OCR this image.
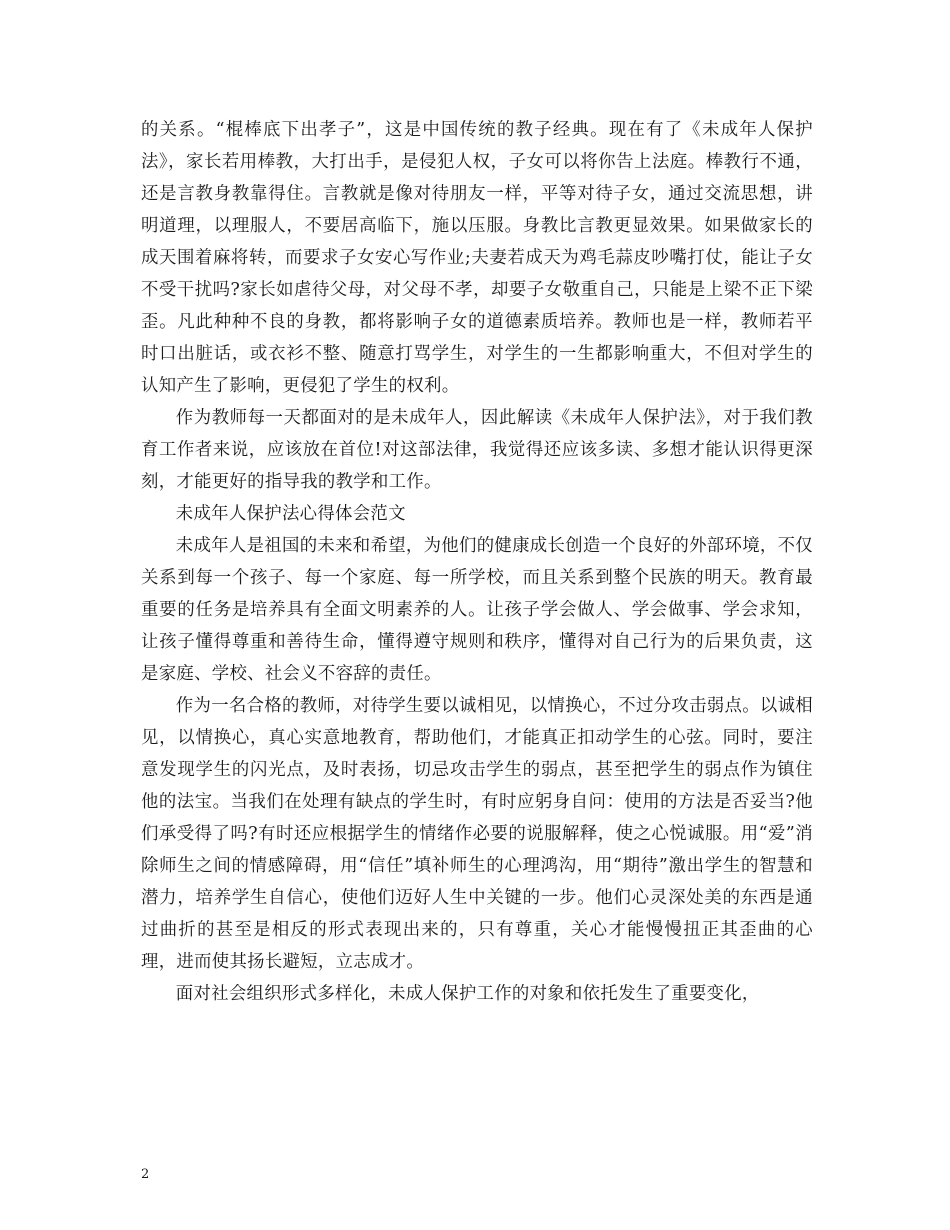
的关系。“棍棒底下出孝子”，这是中国传统的教子经典。现在有了《未成年人保护法》，家长若用棒教，大打出手，是侵犯人权，子女可以将你告上法庭。棒教行不通，还是言教身教靠得住。言教就是像对待朋友一样，平等对待子女，通过交流思想，讲明道理，以理服人，不要居高临下，施以压服。身教比言教更显效果。如果做家长的成天围着麻将转，而要求子女安心写作业;夫妻若成天为鸡毛蒜皮吵嘴打仗，能让子女不受干扰吗?家长如虐待父母，对父母不孝，却要子女敬重自己，只能是上梁不正下梁歪。凡此种种不良的身教，都将影响子女的道德素质培养。教师也是一样，教师若平时口出脏话，或衣衫不整、随意打骂学生，对学生的一生都影响重大，不但对学生的认知产生了影响，更侵犯了学生的权利。

作为教师每一天都面对的是未成年人，因此解读《未成年人保护法》，对于我们教育工作者来说，应该放在首位!对这部法律，我觉得还应该多读、多想才能认识得更深刻，才能更好的指导我的教学和工作。

未成年人保护法心得体会范文

未成年人是祖国的未来和希望，为他们的健康成长创造一个良好的外部环境，不仅关系到每一个孩子、每一个家庭、每一所学校，而且关系到整个民族的明天。教育最重要的任务是培养具有全面文明素养的人。让孩子学会做人、学会做事、学会求知，让孩子懂得尊重和善待生命，懂得遵守规则和秩序，懂得对自己行为的后果负责，这是家庭、学校、社会义不容辞的责任。

作为一名合格的教师，对待学生要以诚相见，以情换心，不过分攻击弱点。以诚相见，以情换心，真心实意地教育，帮助他们，才能真正扣动学生的心弦。同时，要注意发现学生的闪光点，及时表扬，切忌攻击学生的弱点，甚至把学生的弱点作为镇住他的法宝。当我们在处理有缺点的学生时，有时应躬身自问：使用的方法是否妥当?他们承受得了吗?有时还应根据学生的情绪作必要的说服解释，使之心悦诚服。用“爱”消除师生之间的情感障碍，用“信任”填补师生的心理鸿沟，用“期待”激出学生的智慧和潜力，培养学生自信心，使他们迈好人生中关键的一步。他们心灵深处美的东西是通过曲折的甚至是相反的形式表现出来的，只有尊重，关心才能慢慢扭正其歪曲的心理，进而使其扬长避短，立志成才。

面对社会组织形式多样化，未成人保护工作的对象和依托发生了重要变化，

2
